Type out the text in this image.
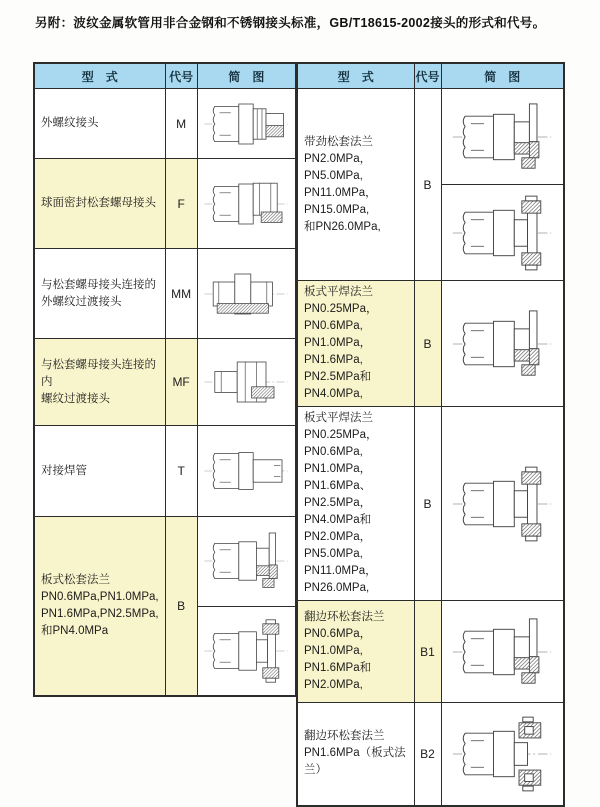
另附：波纹金属软管用非合金钢和不锈钢接头标准，GB/T18615-2002接头的形式和代号。
型　式	代号	简　图

外螺纹接头	M	

球面密封松套螺母接头	F	

与松套螺母接头连接的
外螺纹过渡接头	MM	

与松套螺母接头连接的内
螺纹过渡接头	MF	

对接焊管	T	

板式松套法兰
PN0.6MPa,PN1.0MPa,
PN1.6MPa,PN2.5MPa,
和PN4.0MPa	B	

型　式	代号	简　图

带劲松套法兰
PN2.0MPa，PN5.0MPa,
PN11.0MPa，PN15.0MPa,
和PN26.0MPa,	B	

板式平焊法兰
PN0.25MPa，PN0.6MPa,
PN1.0MPa，PN1.6MPa,
PN2.5MPa和PN4.0MPa,	B	

板式平焊法兰
PN0.25MPa，PN0.6MPa,
PN1.0MPa，PN1.6MPa、
PN2.5MPa，PN4.0MPa和
PN2.0MPa，PN5.0MPa,
PN11.0MPa，PN26.0MPa,
	B	

翻边环松套法兰
PN0.6MPa，PN1.0MPa,
PN1.6MPa和PN2.0MPa,	B1	

翻边环松套法兰
PN1.6MPa（板式法兰）	B2	
